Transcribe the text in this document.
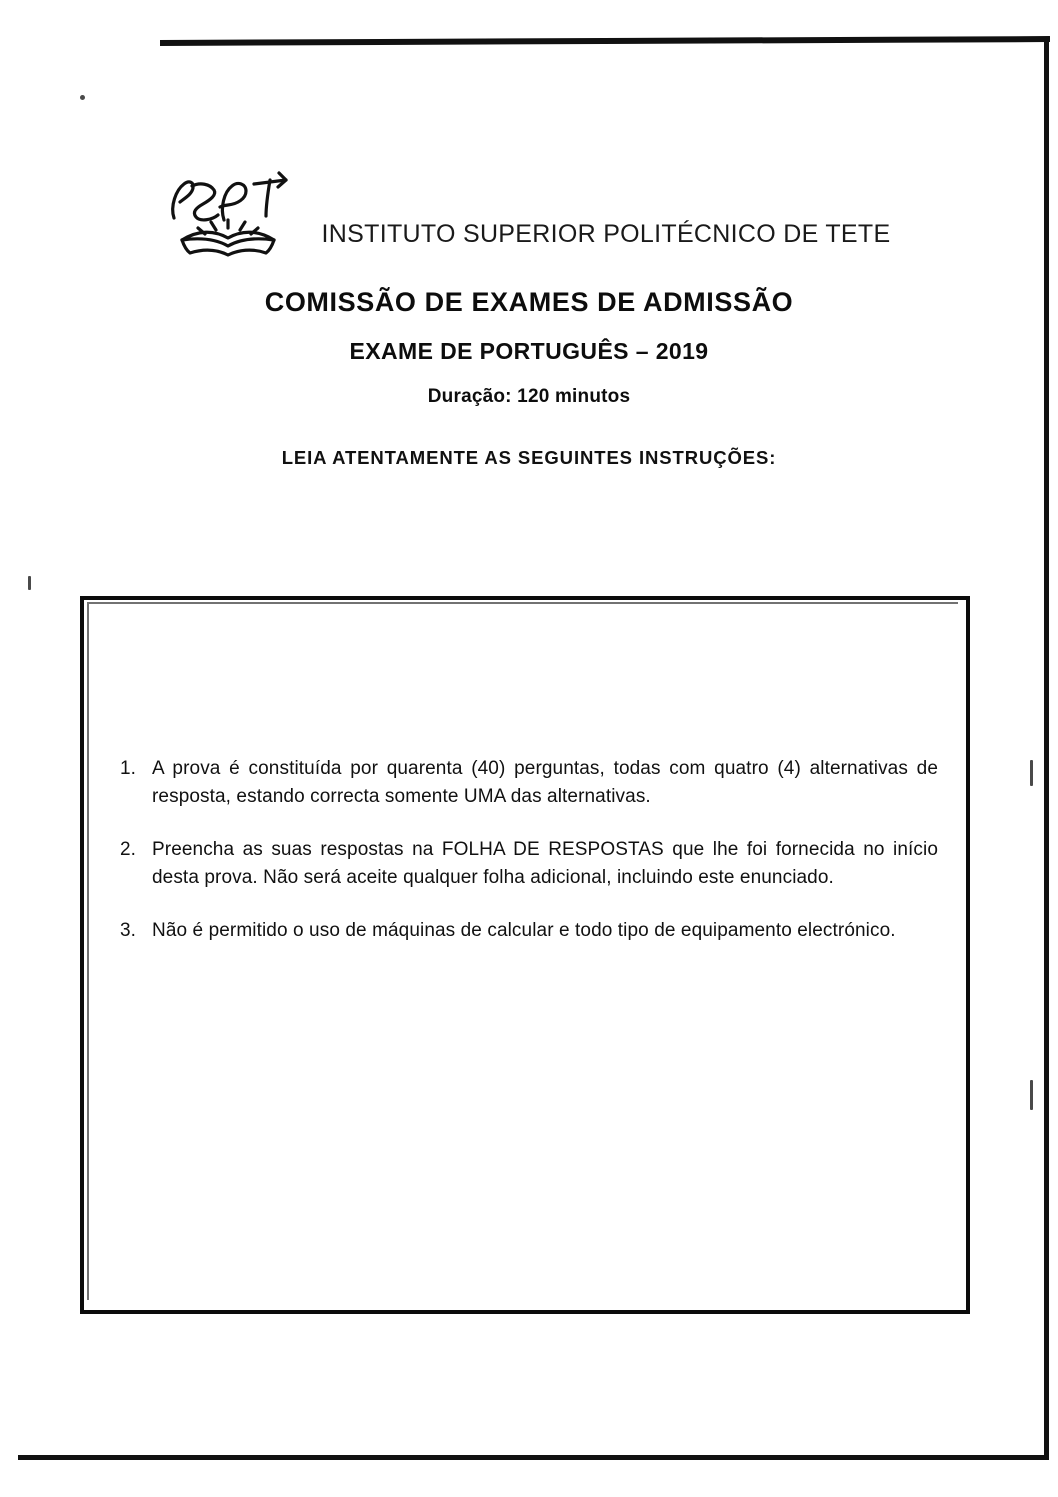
INSTITUTO SUPERIOR POLITÉCNICO DE TETE
COMISSÃO DE EXAMES DE ADMISSÃO
EXAME DE PORTUGUÊS – 2019
Duração: 120 minutos
LEIA ATENTAMENTE AS SEGUINTES INSTRUÇÕES:
1. A prova é constituída por quarenta (40) perguntas, todas com quatro (4) alternativas de resposta, estando correcta somente UMA das alternativas.
2. Preencha as suas respostas na FOLHA DE RESPOSTAS que lhe foi fornecida no início desta prova. Não será aceite qualquer folha adicional, incluindo este enunciado.
3. Não é permitido o uso de máquinas de calcular e todo tipo de equipamento electrónico.
